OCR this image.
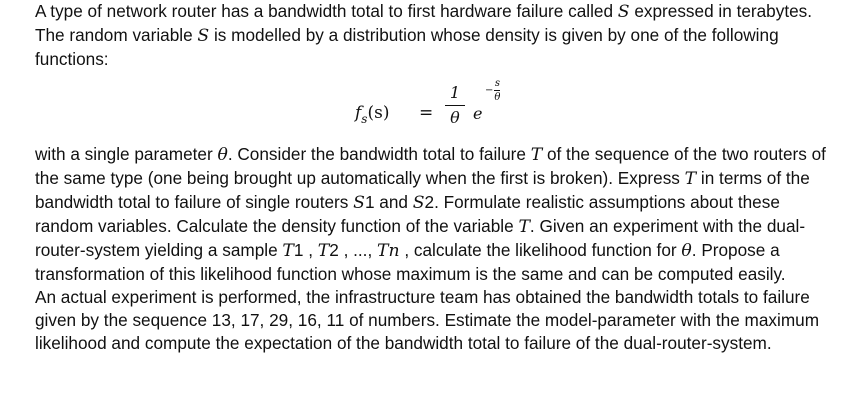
A type of network router has a bandwidth total to first hardware failure called S expressed in terabytes. The random variable S is modelled by a distribution whose density is given by one of the following functions:

$f_s(s)$ =
1
θ e
−
s
θ

with a single parameter θ. Consider the bandwidth total to failure T of the sequence of the two routers of the same type (one being brought up automatically when the first is broken). Express T in terms of the bandwidth total to failure of single routers S1 and S2. Formulate realistic assumptions about these random variables. Calculate the density function of the variable T. Given an experiment with the dual-router-system yielding a sample T1 , T2 , ..., Tn , calculate the likelihood function for θ. Propose a transformation of this likelihood function whose maximum is the same and can be computed easily.

An actual experiment is performed, the infrastructure team has obtained the bandwidth totals to failure given by the sequence 13, 17, 29, 16, 11 of numbers. Estimate the model-parameter with the maximum likelihood and compute the expectation of the bandwidth total to failure of the dual-router-system.
